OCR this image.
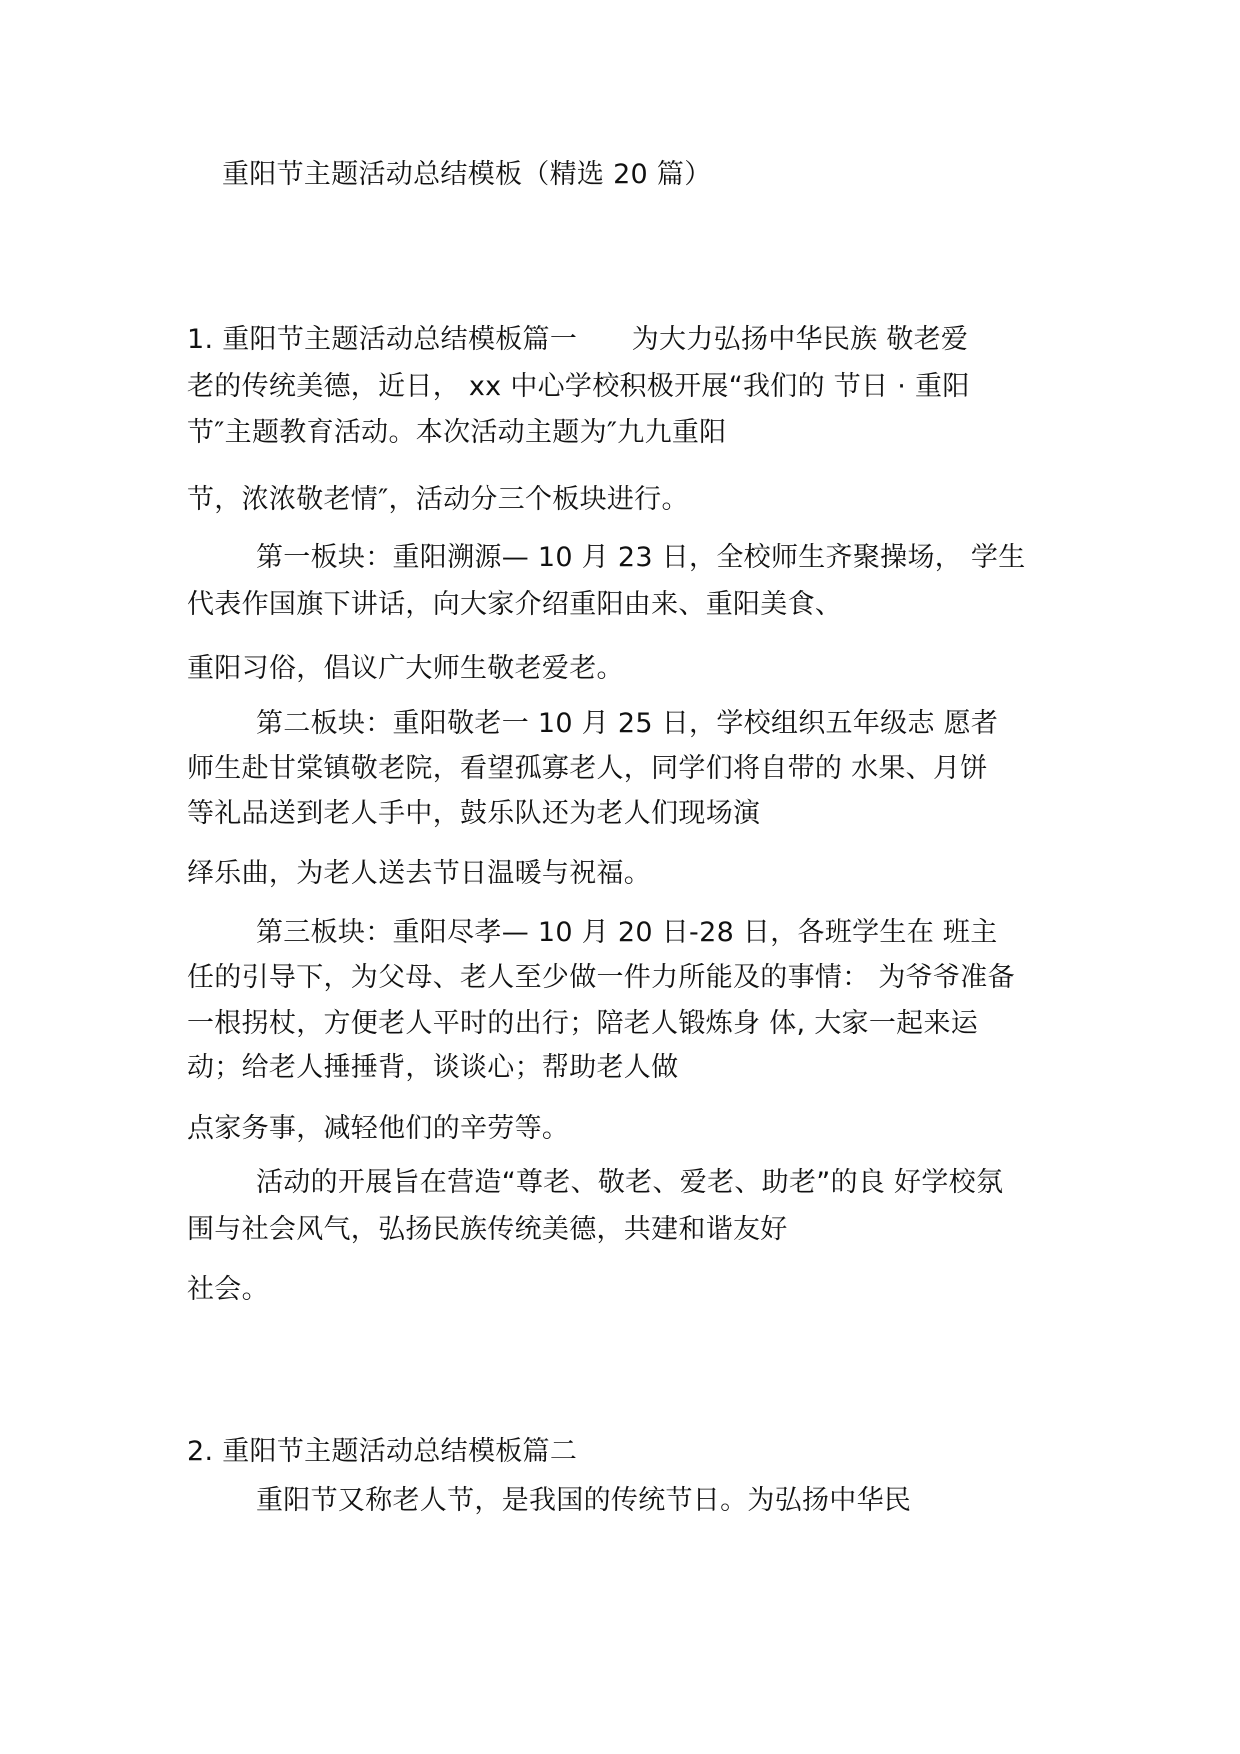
重阳节主题活动总结模板（精选 20 篇）
1. 重阳节主题活动总结模板篇一　　为大力弘扬中华民族 敬老爱
老的传统美德，近日， xx 中心学校积极开展“我们的 节日 · 重阳
节″主题教育活动。本次活动主题为″九九重阳
节，浓浓敬老情″，活动分三个板块进行。
第一板块：重阳溯源— 10 月 23 日，全校师生齐聚操场， 学生
代表作国旗下讲话，向大家介绍重阳由来、重阳美食、
重阳习俗，倡议广大师生敬老爱老。
第二板块：重阳敬老一 10 月 25 日，学校组织五年级志 愿者
师生赴甘棠镇敬老院，看望孤寡老人，同学们将自带的 水果、月饼
等礼品送到老人手中，鼓乐队还为老人们现场演
绎乐曲，为老人送去节日温暖与祝福。
第三板块：重阳尽孝— 10 月 20 日-28 日，各班学生在 班主
任的引导下，为父母、老人至少做一件力所能及的事情： 为爷爷准备
一根拐杖，方便老人平时的出行；陪老人锻炼身 体, 大家一起来运
动；给老人捶捶背，谈谈心；帮助老人做
点家务事，减轻他们的辛劳等。
活动的开展旨在营造“尊老、敬老、爱老、助老”的良 好学校氛
围与社会风气，弘扬民族传统美德，共建和谐友好
社会。
2. 重阳节主题活动总结模板篇二
重阳节又称老人节，是我国的传统节日。为弘扬中华民
